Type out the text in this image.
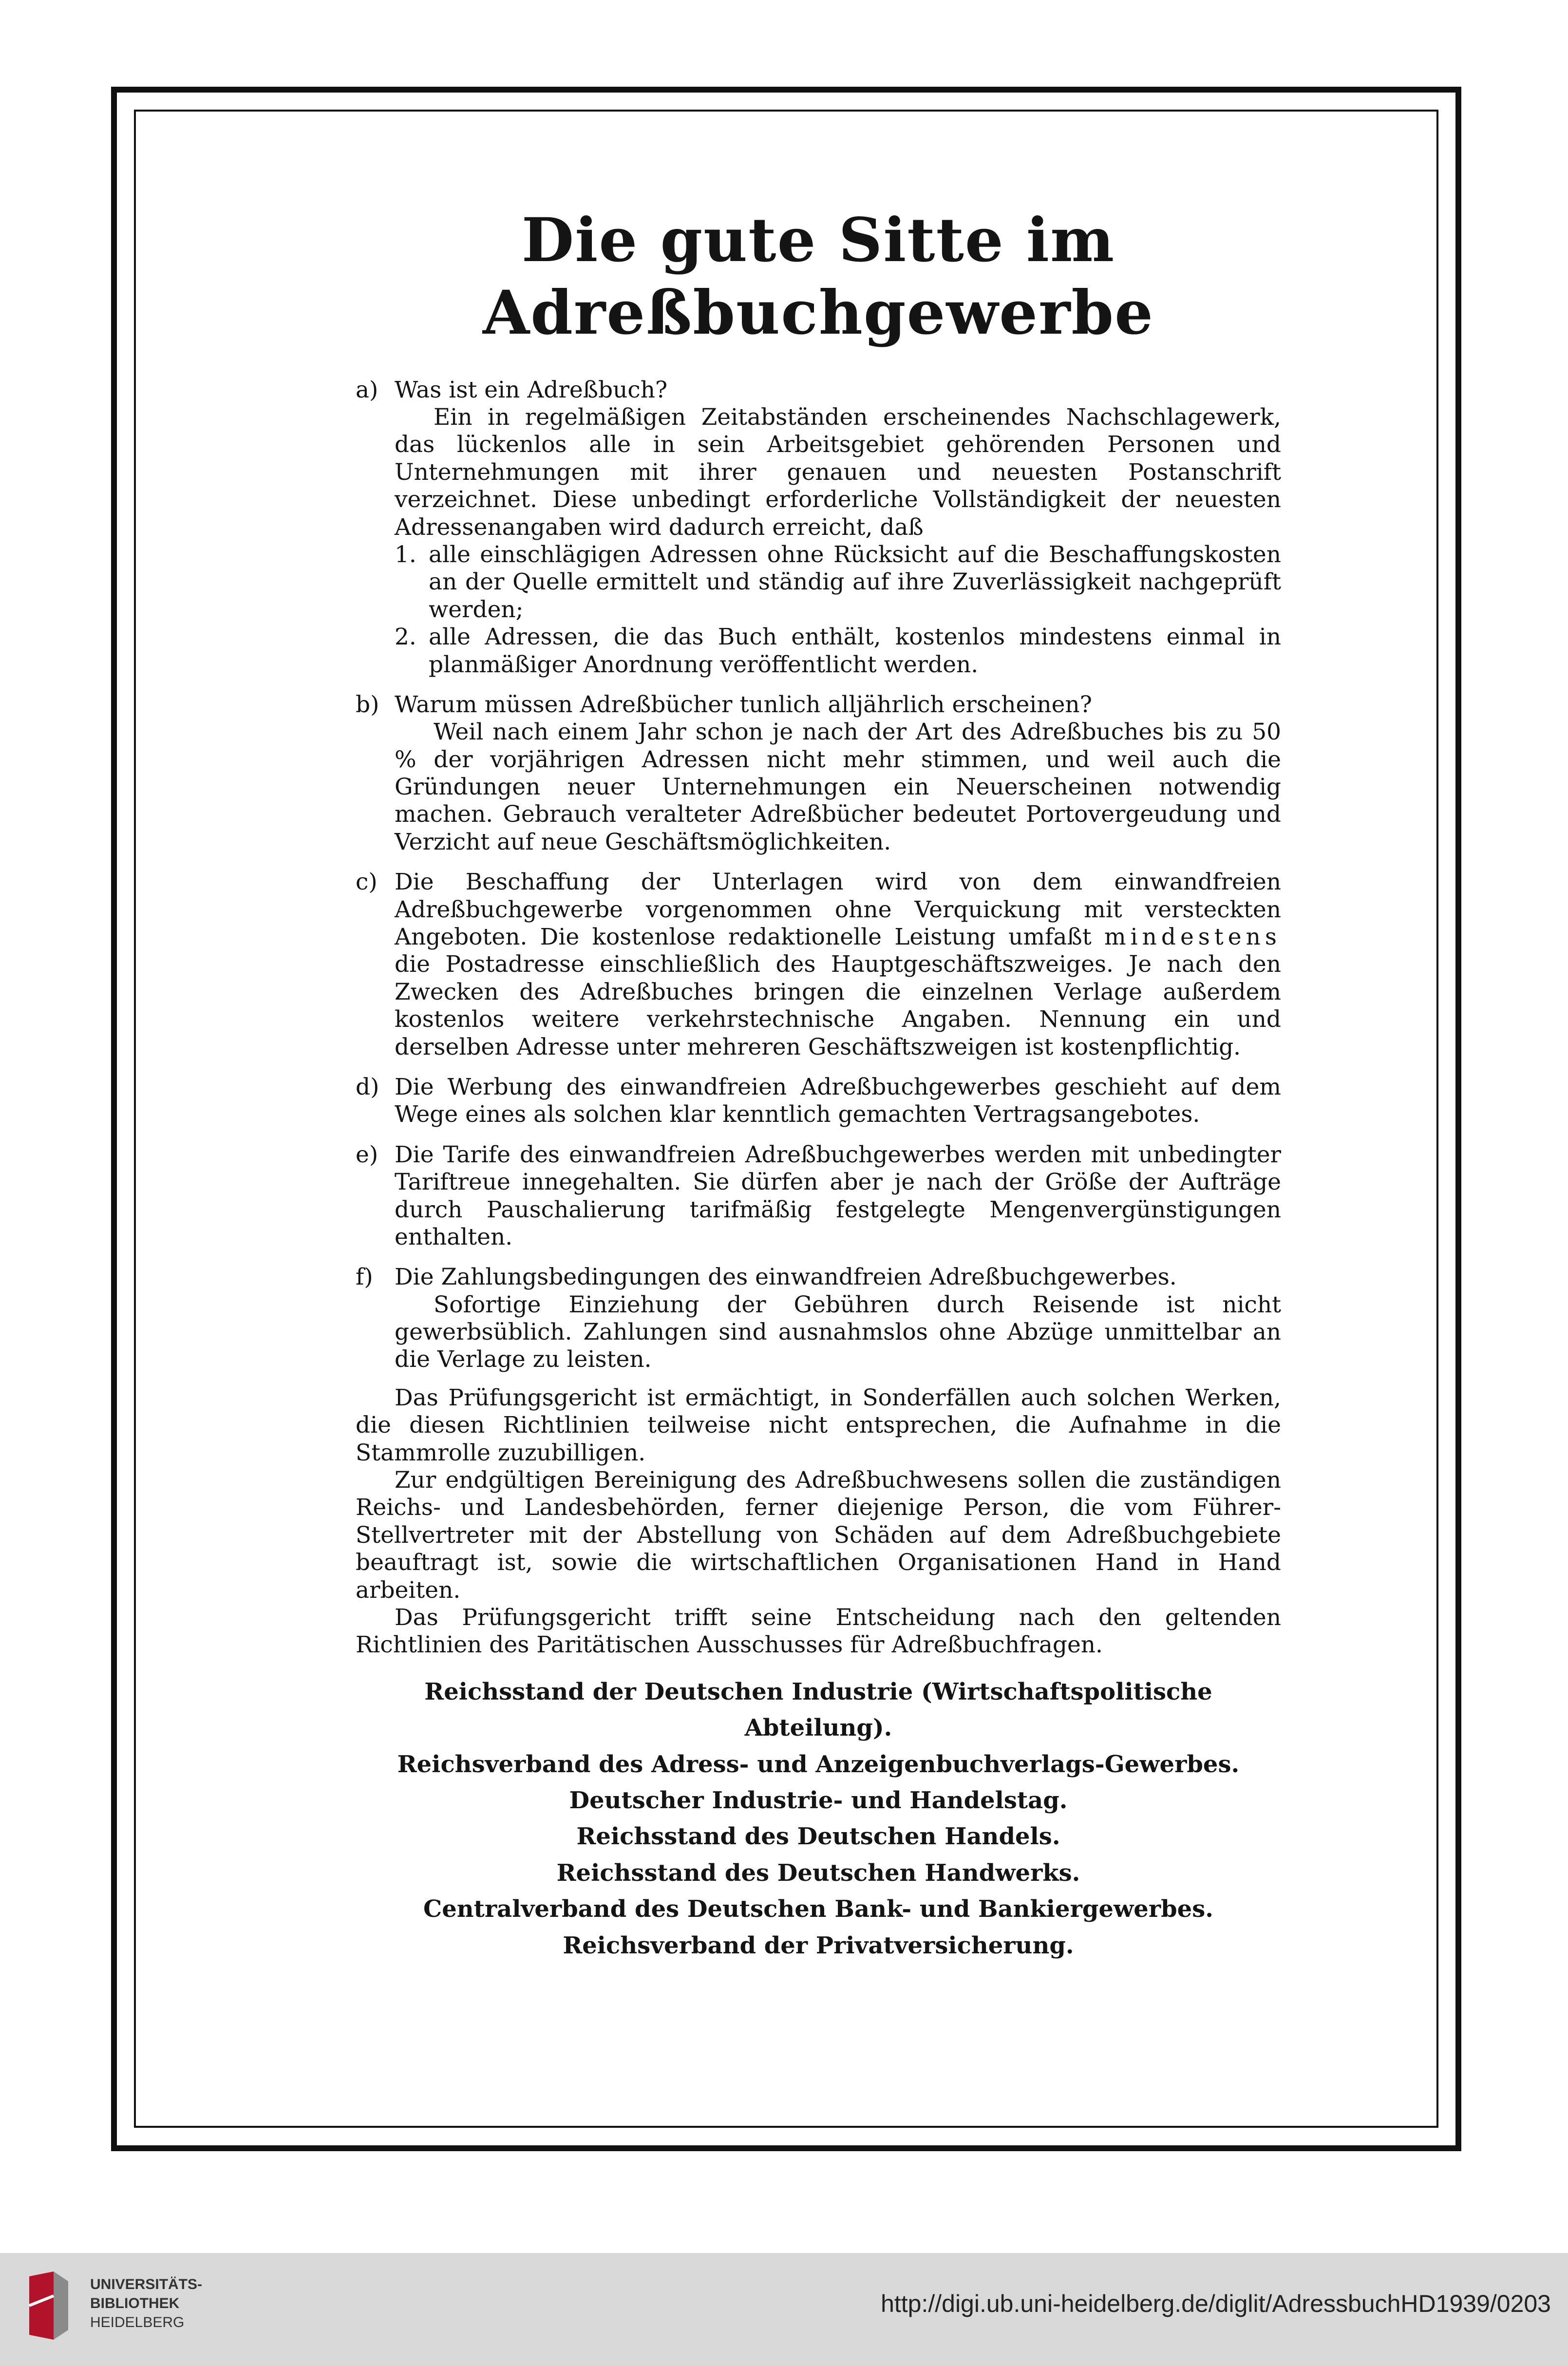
Die gute Sitte im Adreßbuchgewerbe
a) Was ist ein Adreßbuch?

Ein in regelmäßigen Zeitabständen erscheinendes Nachschlagewerk, das lückenlos alle in sein Arbeitsgebiet gehörenden Personen und Unternehmungen mit ihrer genauen und neuesten Postanschrift verzeichnet. Diese unbedingt erforderliche Vollständigkeit der neuesten Adressenangaben wird dadurch erreicht, daß

1. alle einschlägigen Adressen ohne Rücksicht auf die Beschaffungskosten an der Quelle ermittelt und ständig auf ihre Zuverlässigkeit nachgeprüft werden;
2. alle Adressen, die das Buch enthält, kostenlos mindestens einmal in planmäßiger Anordnung veröffentlicht werden.
b) Warum müssen Adreßbücher tunlich alljährlich erscheinen?

Weil nach einem Jahr schon je nach der Art des Adreßbuches bis zu 50 % der vorjährigen Adressen nicht mehr stimmen, und weil auch die Gründungen neuer Unternehmungen ein Neuerscheinen notwendig machen. Gebrauch veralteter Adreßbücher bedeutet Portovergeudung und Verzicht auf neue Geschäftsmöglichkeiten.

c) Die Beschaffung der Unterlagen wird von dem einwandfreien Adreßbuchgewerbe vorgenommen ohne Verquickung mit versteckten Angeboten. Die kostenlose redaktionelle Leistung umfaßt mindestens die Postadresse einschließlich des Hauptgeschäftszweiges. Je nach den Zwecken des Adreßbuches bringen die einzelnen Verlage außerdem kostenlos weitere verkehrstechnische Angaben. Nennung ein und derselben Adresse unter mehreren Geschäftszweigen ist kostenpflichtig.

d) Die Werbung des einwandfreien Adreßbuchgewerbes geschieht auf dem Wege eines als solchen klar kenntlich gemachten Vertragsangebotes.

e) Die Tarife des einwandfreien Adreßbuchgewerbes werden mit unbedingter Tariftreue innegehalten. Sie dürfen aber je nach der Größe der Aufträge durch Pauschalierung tarifmäßig festgelegte Mengenvergünstigungen enthalten.

f) Die Zahlungsbedingungen des einwandfreien Adreßbuchgewerbes.

Sofortige Einziehung der Gebühren durch Reisende ist nicht gewerbsüblich. Zahlungen sind ausnahmslos ohne Abzüge unmittelbar an die Verlage zu leisten.

Das Prüfungsgericht ist ermächtigt, in Sonderfällen auch solchen Werken, die diesen Richtlinien teilweise nicht entsprechen, die Aufnahme in die Stammrolle zuzubilligen.

Zur endgültigen Bereinigung des Adreßbuchwesens sollen die zuständigen Reichs- und Landesbehörden, ferner diejenige Person, die vom Führer-Stellvertreter mit der Abstellung von Schäden auf dem Adreßbuchgebiete beauftragt ist, sowie die wirtschaftlichen Organisationen Hand in Hand arbeiten.

Das Prüfungsgericht trifft seine Entscheidung nach den geltenden Richtlinien des Paritätischen Ausschusses für Adreßbuchfragen.

Reichsstand der Deutschen Industrie (Wirtschaftspolitische Abteilung).
Reichsverband des Adress- und Anzeigenbuchverlags-Gewerbes.
Deutscher Industrie- und Handelstag.
Reichsstand des Deutschen Handels.
Reichsstand des Deutschen Handwerks.
Centralverband des Deutschen Bank- und Bankiergewerbes.
Reichsverband der Privatversicherung.
UNIVERSITÄTS-
BIBLIOTHEK
HEIDELBERG
http://digi.ub.uni-heidelberg.de/diglit/AdressbuchHD1939/0203
